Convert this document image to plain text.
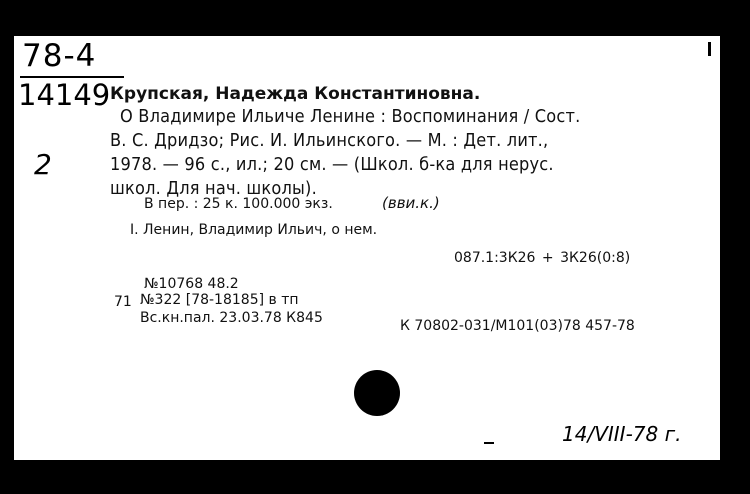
78-4
14149 Крупская, Надежда Константиновна.
О Владимире Ильиче Ленине : Воспоминания / Сост.
В. С. Дридзо; Рис. И. Ильинского. — М. : Дет. лит.,
1978. — 96 с., ил.; 20 см. — (Школ. б-ка для нерус.
школ. Для нач. школы).
2
В пер. : 25 к. 100.000 экз.	(вви.к.)
I. Ленин, Владимир Ильич, о нем.
087.1:3К26 + 3К26(0:8)
№10768 48.2
71 №322 [78-18185] в тп
Вс.кн.пал. 23.03.78 К845	К 70802-031/М101(03)78 457-78
14/VIII-78 г.
